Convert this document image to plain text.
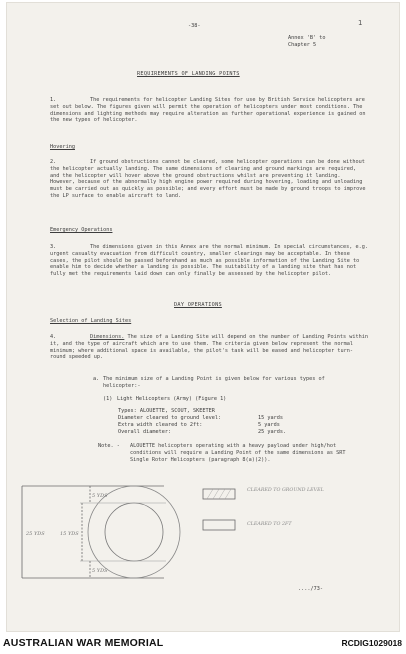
-38-	1
Annex 'B' to
Chapter 5
REQUIREMENTS OF LANDING POINTS
1.	The requirements for helicopter Landing Sites for use by British Service helicopters are set out below. The figures given will permit the operation of helicopters under most conditions. The dimensions and lighting methods may require alteration as further operational experience is gained on the new types of helicopter.
Hovering
2.	If ground obstructions cannot be cleared, some helicopter operations can be done without the helicopter actually landing. The same dimensions of clearing and ground markings are required, and the helicopter will hover above the ground obstructions whilst are preventing it landing. However, because of the abnormally high engine power required during hovering, loading and unloading must be carried out as quickly as possible; and every effort must be made by ground troops to improve the LP surface to enable aircraft to land.
Emergency Operations
3.	The dimensions given in this Annex are the normal minimum. In special circumstances, e.g. urgent casualty evacuation from difficult country, smaller clearings may be acceptable. In these cases, the pilot should be passed beforehand as much as possible information of the Landing Site to enable him to decide whether a landing is possible. The suitability of a landing site that has not fully met the requirements laid down can only finally be assessed by the helicopter pilot.
DAY OPERATIONS
Selection of Landing Sites
4.	Dimensions. The size of a Landing Site will depend on the number of Landing Points within it, and the type of aircraft which are to use them. The criteria given below represent the normal minimum; where additional space is available, the pilot's task will be eased and helicopter turn-round speeded up.
a. The minimum size of a Landing Point is given below for various types of helicopter:-
(1) Light Helicopters (Army) (Figure 1)
Types: ALOUETTE, SCOUT, SKEETER
Diameter cleared to ground level:	15 yards
Extra width cleared to 2ft:	5 yards
Overall diameter:	25 yards.
Note. - ALOUETTE helicopters operating with a heavy payload under high/hot conditions will require a Landing Point of the same dimensions as SRT Single Rotor Helicopters (paragraph 8(a)(2)).
5 YDS
25 YDS	15 YDS
5 YDS
CLEARED TO GROUND LEVEL
CLEARED TO 2FT
..../73-
AUSTRALIAN WAR MEMORIAL	RCDIG1029018
